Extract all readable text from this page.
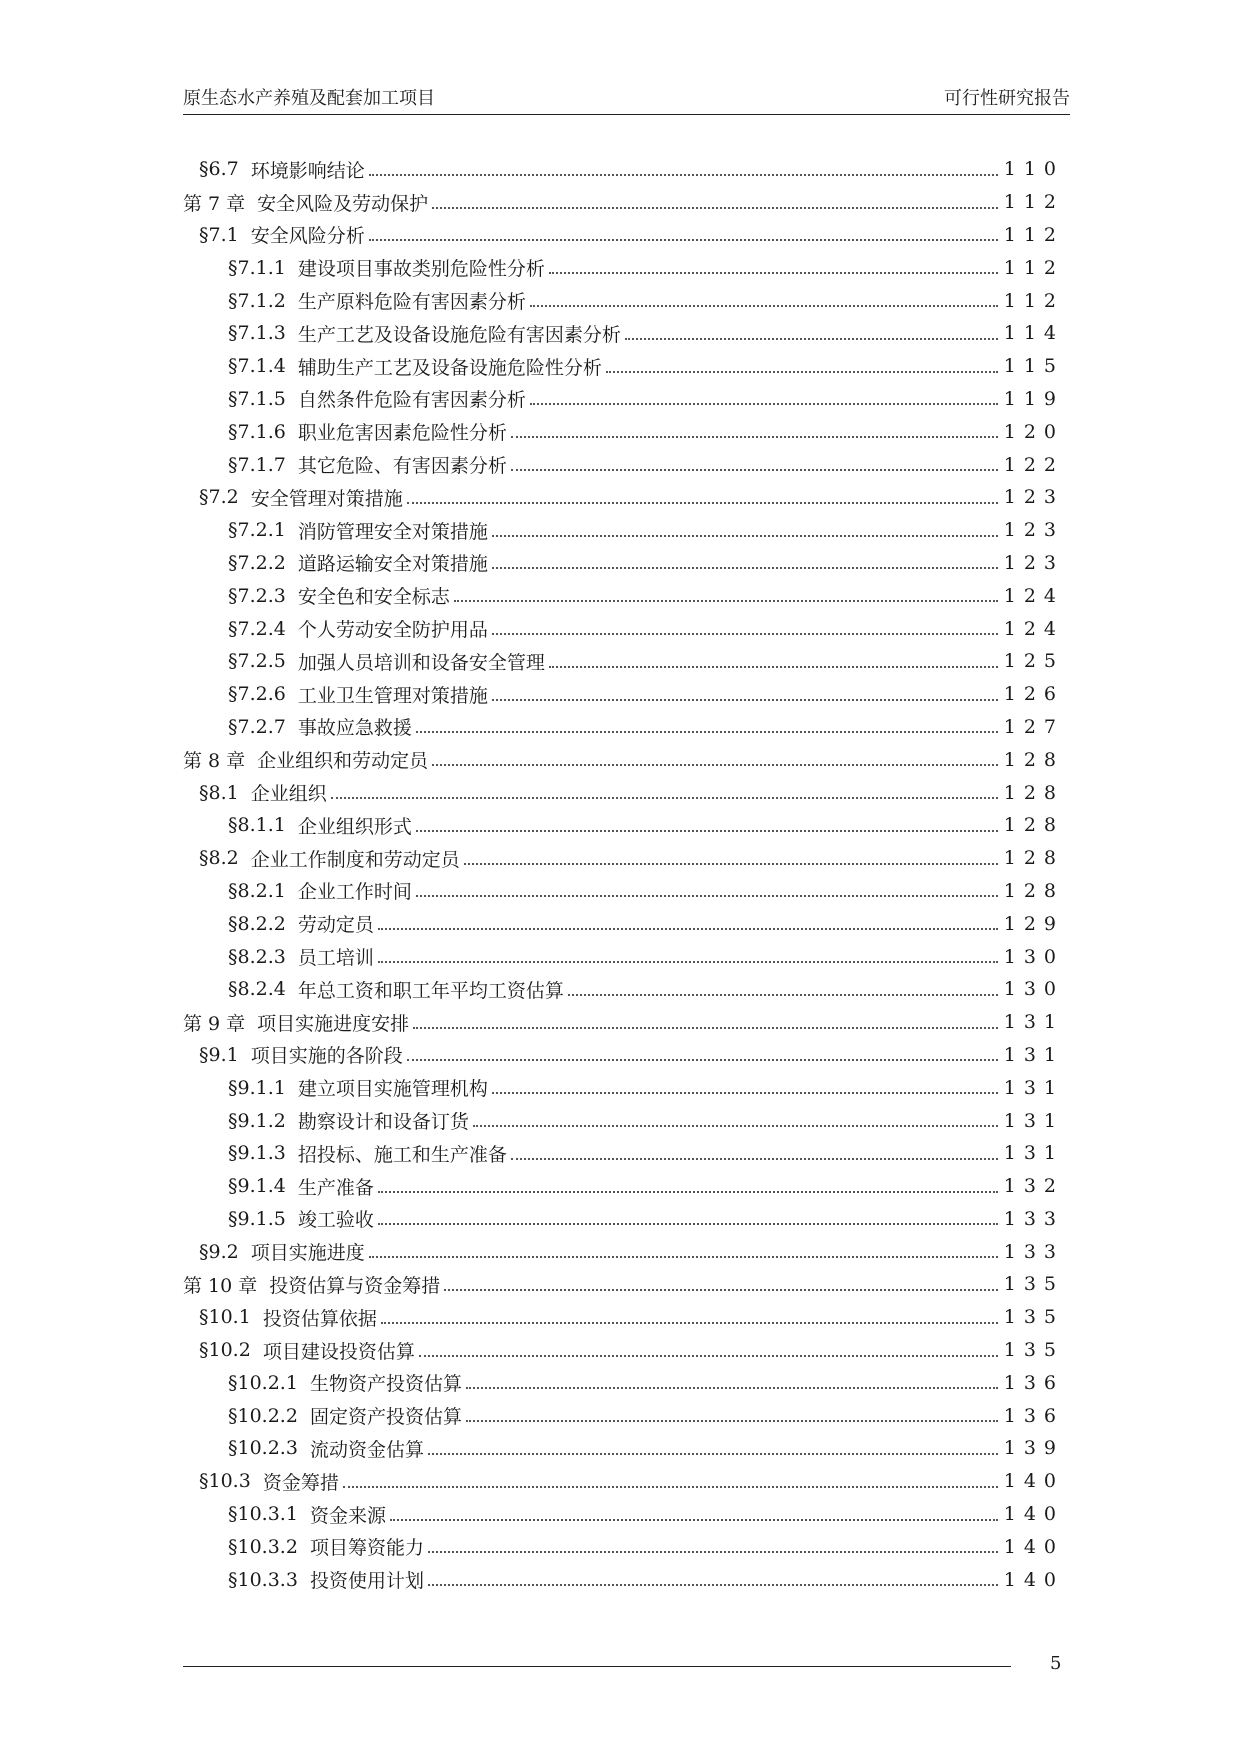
原生态水产养殖及配套加工项目	可行性研究报告
§6.7 环境影响结论	110
第 7 章 安全风险及劳动保护	112
§7.1 安全风险分析	112
§7.1.1 建设项目事故类别危险性分析	112
§7.1.2 生产原料危险有害因素分析	112
§7.1.3 生产工艺及设备设施危险有害因素分析	114
§7.1.4 辅助生产工艺及设备设施危险性分析	115
§7.1.5 自然条件危险有害因素分析	119
§7.1.6 职业危害因素危险性分析	120
§7.1.7 其它危险、有害因素分析	122
§7.2 安全管理对策措施	123
§7.2.1 消防管理安全对策措施	123
§7.2.2 道路运输安全对策措施	123
§7.2.3 安全色和安全标志	124
§7.2.4 个人劳动安全防护用品	124
§7.2.5 加强人员培训和设备安全管理	125
§7.2.6 工业卫生管理对策措施	126
§7.2.7 事故应急救援	127
第 8 章 企业组织和劳动定员	128
§8.1 企业组织	128
§8.1.1 企业组织形式	128
§8.2 企业工作制度和劳动定员	128
§8.2.1 企业工作时间	128
§8.2.2 劳动定员	129
§8.2.3 员工培训	130
§8.2.4 年总工资和职工年平均工资估算	130
第 9 章 项目实施进度安排	131
§9.1 项目实施的各阶段	131
§9.1.1 建立项目实施管理机构	131
§9.1.2 勘察设计和设备订货	131
§9.1.3 招投标、施工和生产准备	131
§9.1.4 生产准备	132
§9.1.5 竣工验收	133
§9.2 项目实施进度	133
第 10 章 投资估算与资金筹措	135
§10.1 投资估算依据	135
§10.2 项目建设投资估算	135
§10.2.1 生物资产投资估算	136
§10.2.2 固定资产投资估算	136
§10.2.3 流动资金估算	139
§10.3 资金筹措	140
§10.3.1 资金来源	140
§10.3.2 项目筹资能力	140
§10.3.3 投资使用计划	140
5
